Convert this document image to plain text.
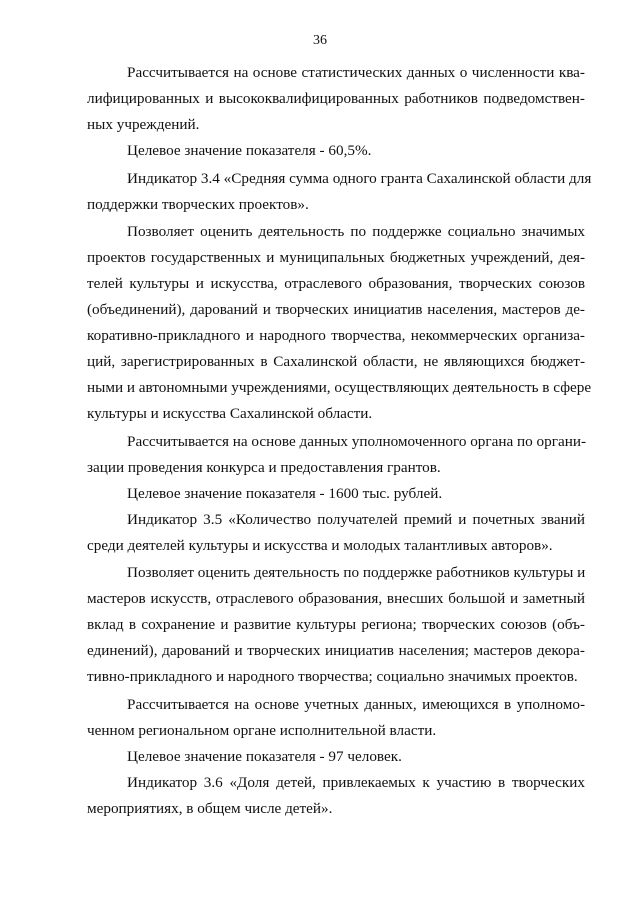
36

Рассчитывается на основе статистических данных о численности ква-

лифицированных и высококвалифицированных работников подведомствен-

ных учреждений.

Целевое значение показателя - 60,5%.

Индикатор 3.4 «Средняя сумма одного гранта Сахалинской области для

поддержки творческих проектов».

Позволяет оценить деятельность по поддержке социально значимых

проектов государственных и муниципальных бюджетных учреждений, дея-

телей культуры и искусства, отраслевого образования, творческих союзов

(объединений), дарований и творческих инициатив населения, мастеров де-

коративно-прикладного и народного творчества, некоммерческих организа-

ций, зарегистрированных в Сахалинской области, не являющихся бюджет-

ными и автономными учреждениями, осуществляющих деятельность в сфере

культуры и искусства Сахалинской области.

Рассчитывается на основе данных уполномоченного органа по органи-

зации проведения конкурса и предоставления грантов.

Целевое значение показателя - 1600 тыс. рублей.

Индикатор 3.5 «Количество получателей премий и почетных званий

среди деятелей культуры и искусства и молодых талантливых авторов».

Позволяет оценить деятельность по поддержке работников культуры и

мастеров искусств, отраслевого образования, внесших большой и заметный

вклад в сохранение и развитие культуры региона; творческих союзов (объ-

единений), дарований и творческих инициатив населения; мастеров декора-

тивно-прикладного и народного творчества; социально значимых проектов.

Рассчитывается на основе учетных данных, имеющихся в уполномо-

ченном региональном органе исполнительной власти.

Целевое значение показателя - 97 человек.

Индикатор 3.6 «Доля детей, привлекаемых к участию в творческих

мероприятиях, в общем числе детей».
